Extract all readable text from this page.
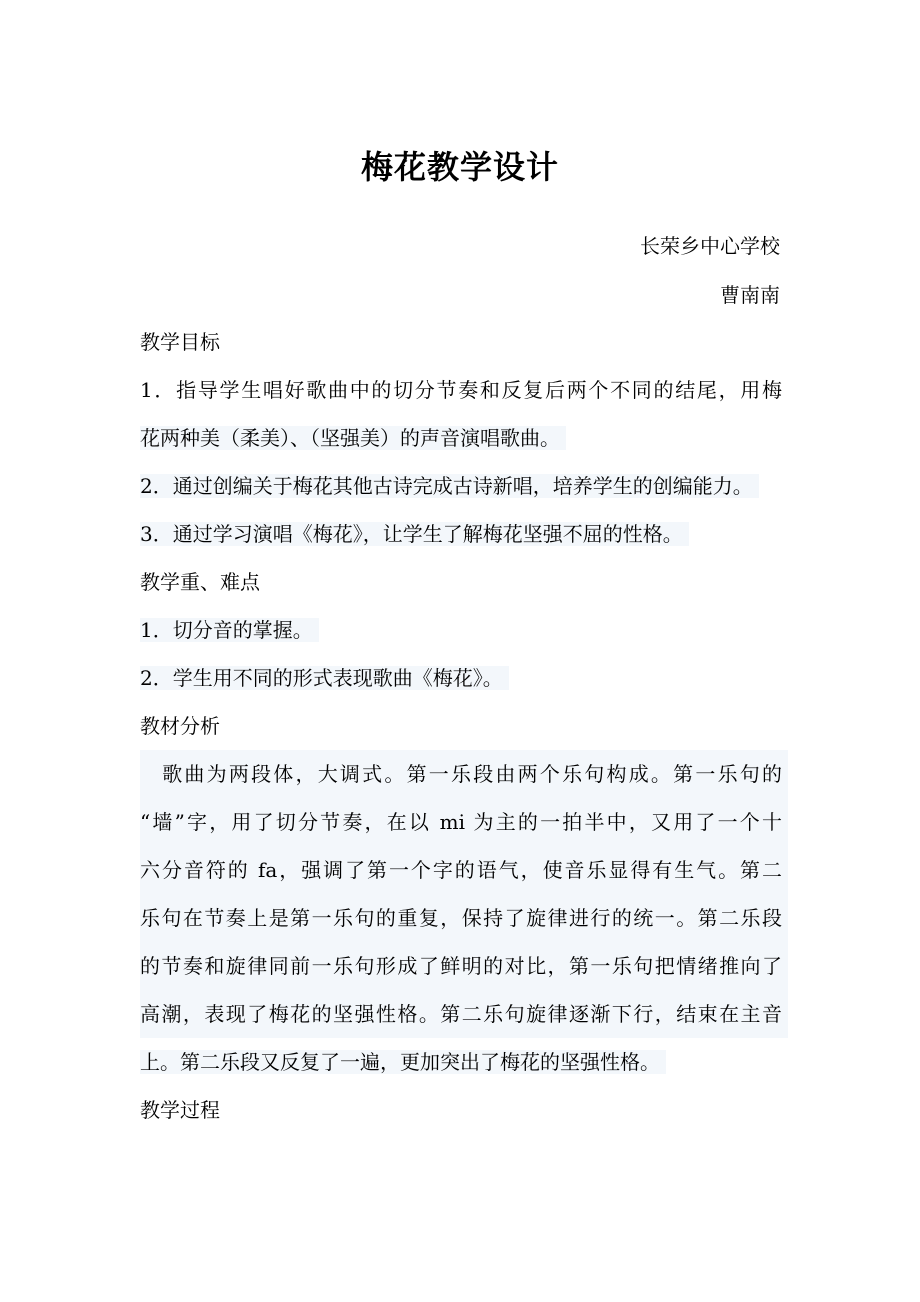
梅花教学设计
长荣乡中心学校
曹南南
教学目标
1．指导学生唱好歌曲中的切分节奏和反复后两个不同的结尾，用梅
花两种美（柔美）、（坚强美）的声音演唱歌曲。
2．通过创编关于梅花其他古诗完成古诗新唱，培养学生的创编能力。
3．通过学习演唱《梅花》，让学生了解梅花坚强不屈的性格。
教学重、难点
1．切分音的掌握。
2．学生用不同的形式表现歌曲《梅花》。
教材分析
　歌曲为两段体，大调式。第一乐段由两个乐句构成。第一乐句的
“墙”字，用了切分节奏，在以 mi 为主的一拍半中，又用了一个十
六分音符的 fa，强调了第一个字的语气，使音乐显得有生气。第二
乐句在节奏上是第一乐句的重复，保持了旋律进行的统一。第二乐段
的节奏和旋律同前一乐句形成了鲜明的对比，第一乐句把情绪推向了
高潮，表现了梅花的坚强性格。第二乐句旋律逐渐下行，结束在主音
上。第二乐段又反复了一遍，更加突出了梅花的坚强性格。
教学过程
